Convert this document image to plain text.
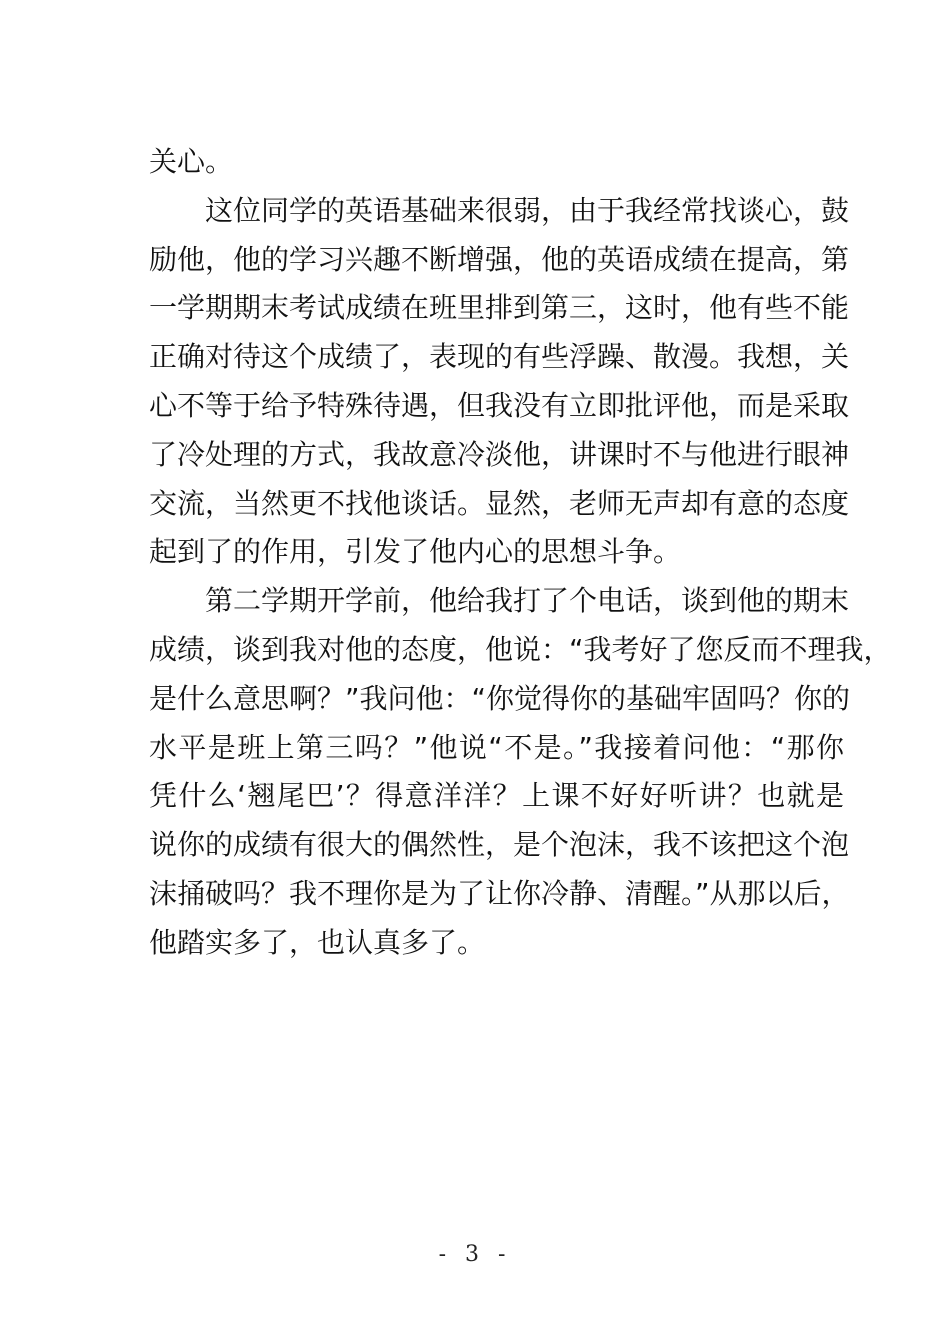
关心。
这位同学的英语基础来很弱，由于我经常找谈心，鼓
励他，他的学习兴趣不断增强，他的英语成绩在提高，第
一学期期末考试成绩在班里排到第三，这时，他有些不能
正确对待这个成绩了，表现的有些浮躁、散漫。我想，关
心不等于给予特殊待遇，但我没有立即批评他，而是采取
了冷处理的方式，我故意冷淡他，讲课时不与他进行眼神
交流，当然更不找他谈话。显然，老师无声却有意的态度
起到了的作用，引发了他内心的思想斗争。
第二学期开学前，他给我打了个电话，谈到他的期末
成绩，谈到我对他的态度，他说：“我考好了您反而不理我，
是什么意思啊？”我问他：“你觉得你的基础牢固吗？你的
水平是班上第三吗？”他说“不是。”我接着问他：“那你
凭什么‘翘尾巴’？得意洋洋？上课不好好听讲？也就是
说你的成绩有很大的偶然性，是个泡沫，我不该把这个泡
沫捅破吗？我不理你是为了让你冷静、清醒。”从那以后，
他踏实多了，也认真多了。
- 3 -
